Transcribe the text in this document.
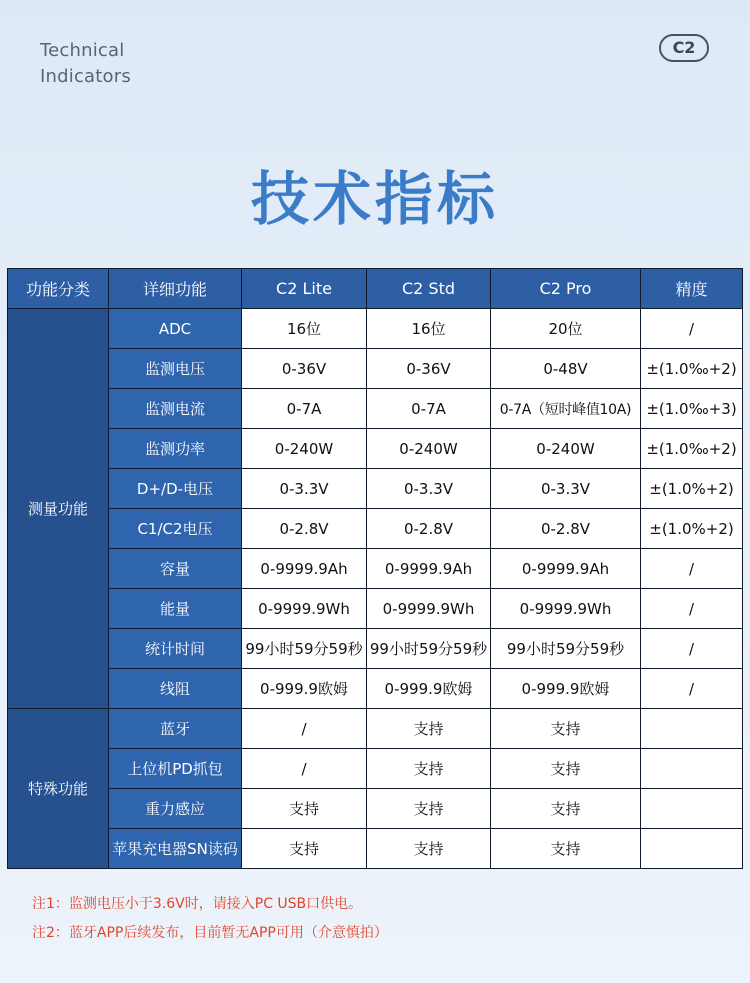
Technical
Indicators
C2
技术指标
功能分类	详细功能	C2 Lite	C2 Std	C2 Pro	精度
测量功能	ADC	16位	16位	20位	/
	监测电压	0-36V	0-36V	0-48V	±(1.0‰+2)
	监测电流	0-7A	0-7A	0-7A（短时峰值10A)	±(1.0‰+3)
	监测功率	0-240W	0-240W	0-240W	±(1.0‰+2)
	D+/D-电压	0-3.3V	0-3.3V	0-3.3V	±(1.0%+2)
	C1/C2电压	0-2.8V	0-2.8V	0-2.8V	±(1.0%+2)
	容量	0-9999.9Ah	0-9999.9Ah	0-9999.9Ah	/
	能量	0-9999.9Wh	0-9999.9Wh	0-9999.9Wh	/
	统计时间	99小时59分59秒	99小时59分59秒	99小时59分59秒	/
	线阻	0-999.9欧姆	0-999.9欧姆	0-999.9欧姆	/
特殊功能	蓝牙	/	支持	支持	
	上位机PD抓包	/	支持	支持	
	重力感应	支持	支持	支持	
	苹果充电器SN读码	支持	支持	支持	
注1：监测电压小于3.6V时，请接入PC USB口供电。
注2：蓝牙APP后续发布，目前暂无APP可用（介意慎拍）
